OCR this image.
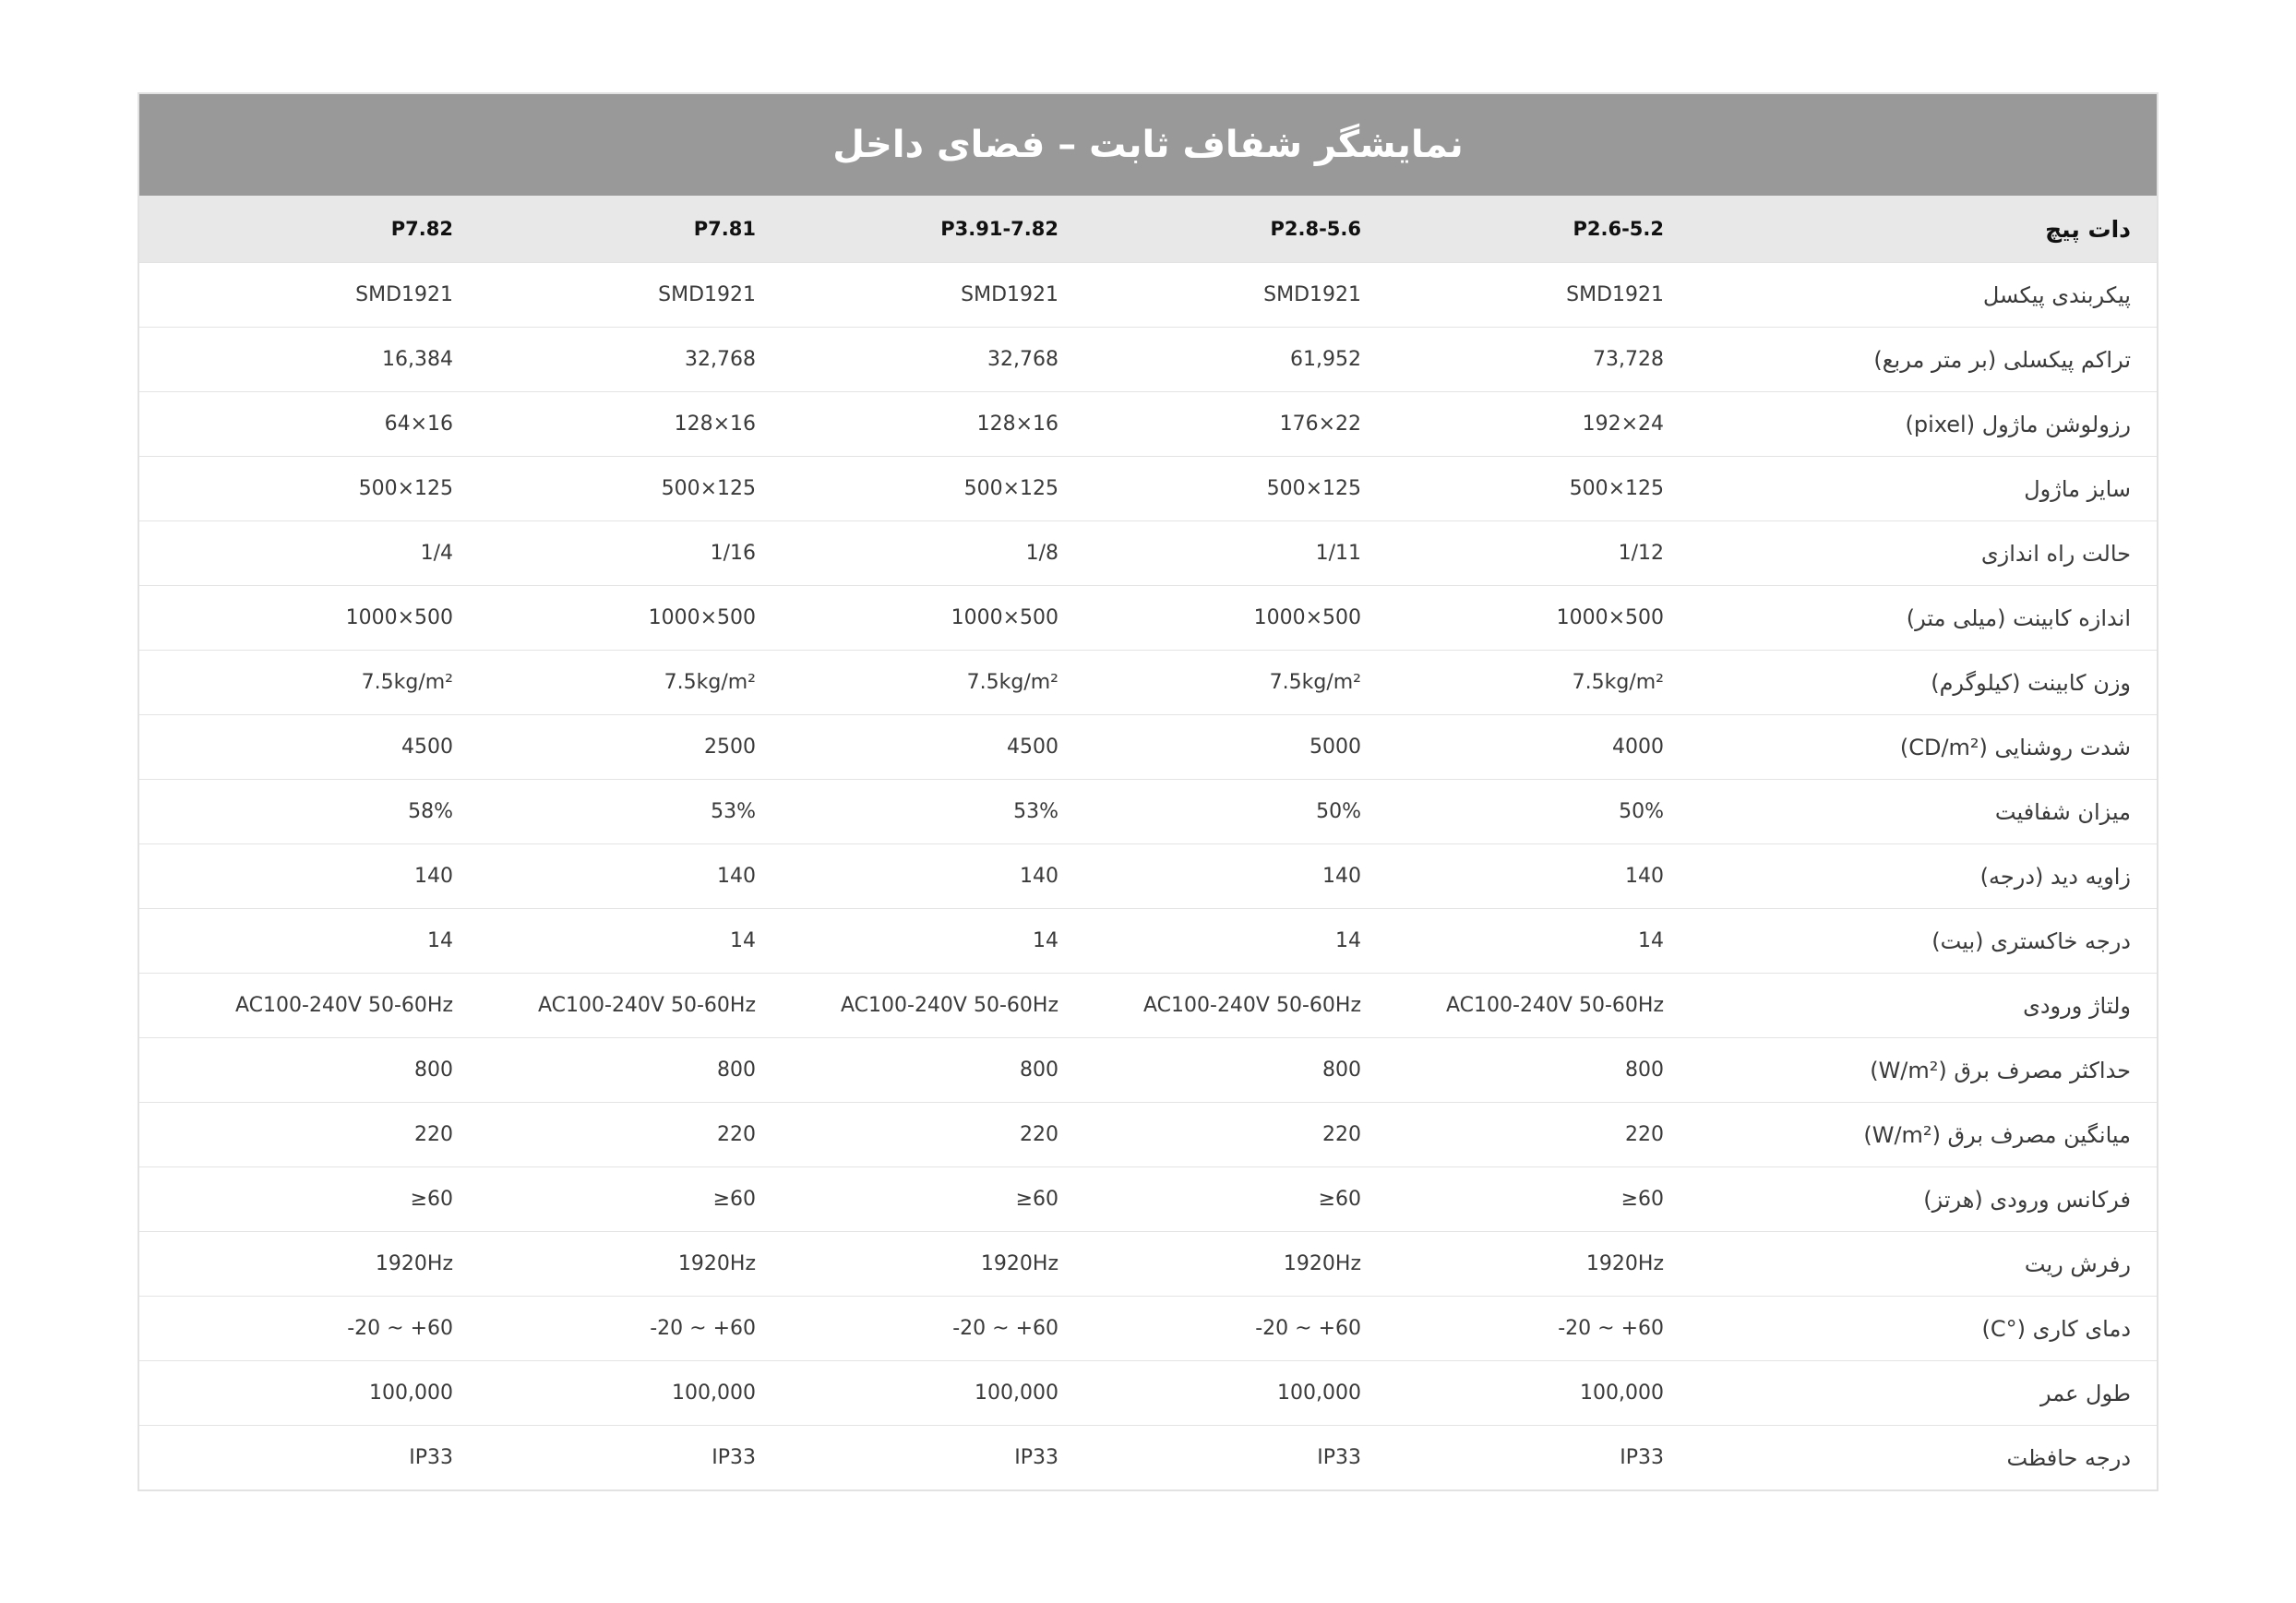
نمایشگر شفاف ثابت – فضای داخل
دات پیچ
P2.6-5.2
P2.8-5.6
P3.91-7.82
P7.81
P7.82
پیکربندی پیکسل
SMD1921
SMD1921
SMD1921
SMD1921
SMD1921
تراکم پیکسلی (بر متر مربع)
73,728
61,952
32,768
32,768
16,384
رزولوشن ماژول (pixel)
192×24
176×22
128×16
128×16
64×16
سایز ماژول
500×125
500×125
500×125
500×125
500×125
حالت راه اندازی
1/12
1/11
1/8
1/16
1/4
اندازه کابینت (میلی متر)
1000×500
1000×500
1000×500
1000×500
1000×500
وزن کابینت (کیلوگرم)
7.5kg/m²
7.5kg/m²
7.5kg/m²
7.5kg/m²
7.5kg/m²
شدت روشنایی (CD/m²)
4000
5000
4500
2500
4500
میزان شفافیت
50%
50%
53%
53%
58%
زاویه دید (درجه)
140
140
140
140
140
درجه خاکستری (بیت)
14
14
14
14
14
ولتاژ ورودی
AC100-240V 50-60Hz
AC100-240V 50-60Hz
AC100-240V 50-60Hz
AC100-240V 50-60Hz
AC100-240V 50-60Hz
حداکثر مصرف برق (W/m²)
800
800
800
800
800
میانگین مصرف برق (W/m²)
220
220
220
220
220
فرکانس ورودی (هرتز)
≥60
≥60
≥60
≥60
≥60
رفرش ریت
1920Hz
1920Hz
1920Hz
1920Hz
1920Hz
دمای کاری (°C)
-20 ~ +60
-20 ~ +60
-20 ~ +60
-20 ~ +60
-20 ~ +60
طول عمر
100,000
100,000
100,000
100,000
100,000
درجه حافظت
IP33
IP33
IP33
IP33
IP33
